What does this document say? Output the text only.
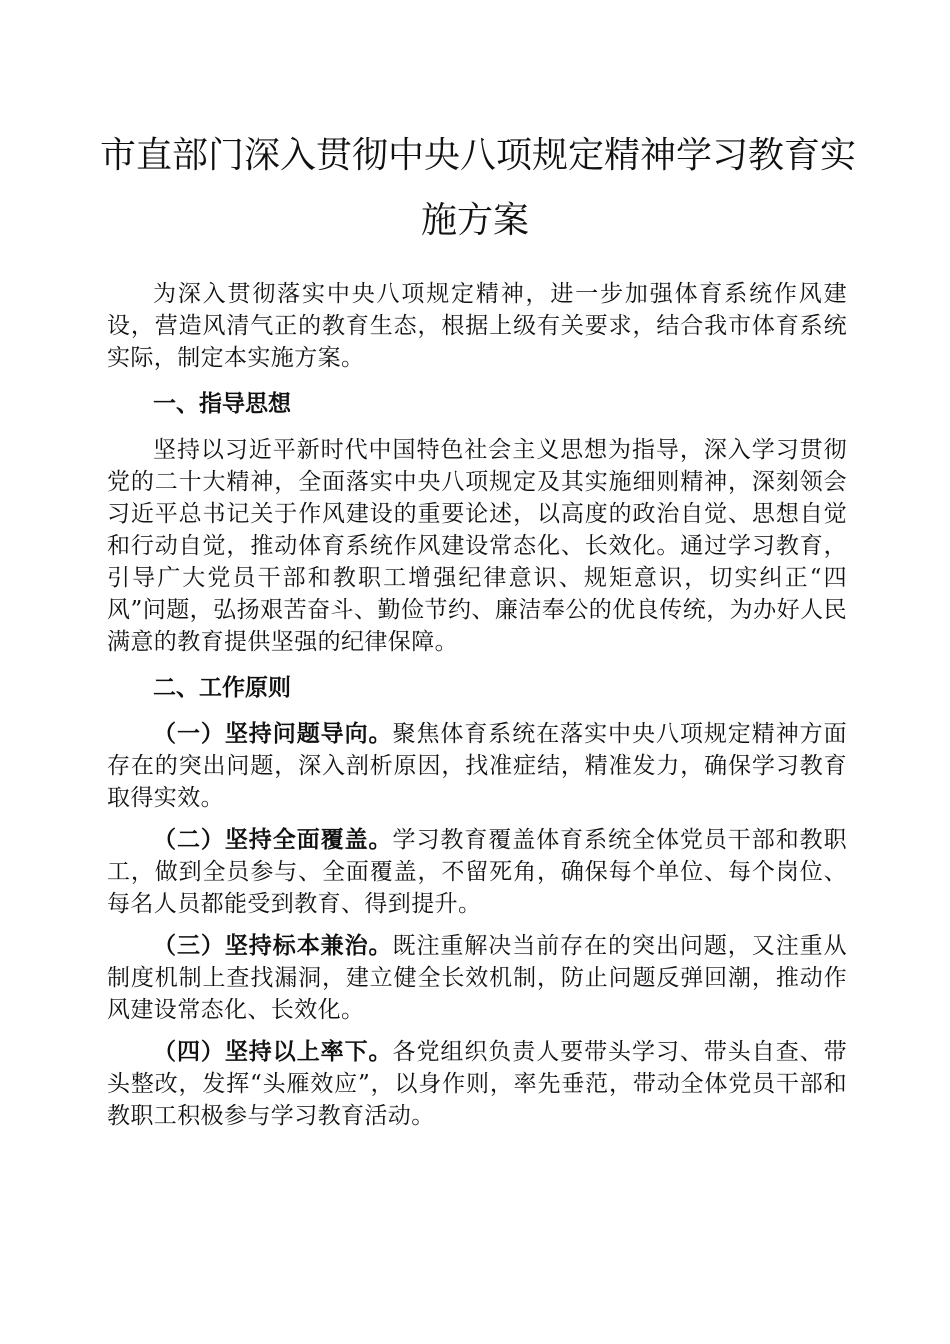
市直部门深入贯彻中央八项规定精神学习教育实
施方案

为深入贯彻落实中央八项规定精神，进一步加强体育系统作风建设，营造风清气正的教育生态，根据上级有关要求，结合我市体育系统实际，制定本实施方案。

一、指导思想

坚持以习近平新时代中国特色社会主义思想为指导，深入学习贯彻党的二十大精神，全面落实中央八项规定及其实施细则精神，深刻领会习近平总书记关于作风建设的重要论述，以高度的政治自觉、思想自觉和行动自觉，推动体育系统作风建设常态化、长效化。通过学习教育，引导广大党员干部和教职工增强纪律意识、规矩意识，切实纠正“四风”问题，弘扬艰苦奋斗、勤俭节约、廉洁奉公的优良传统，为办好人民满意的教育提供坚强的纪律保障。

二、工作原则

（一）坚持问题导向。聚焦体育系统在落实中央八项规定精神方面存在的突出问题，深入剖析原因，找准症结，精准发力，确保学习教育取得实效。

（二）坚持全面覆盖。学习教育覆盖体育系统全体党员干部和教职工，做到全员参与、全面覆盖，不留死角，确保每个单位、每个岗位、每名人员都能受到教育、得到提升。

（三）坚持标本兼治。既注重解决当前存在的突出问题，又注重从制度机制上查找漏洞，建立健全长效机制，防止问题反弹回潮，推动作风建设常态化、长效化。

（四）坚持以上率下。各党组织负责人要带头学习、带头自查、带头整改，发挥“头雁效应”，以身作则，率先垂范，带动全体党员干部和教职工积极参与学习教育活动。
